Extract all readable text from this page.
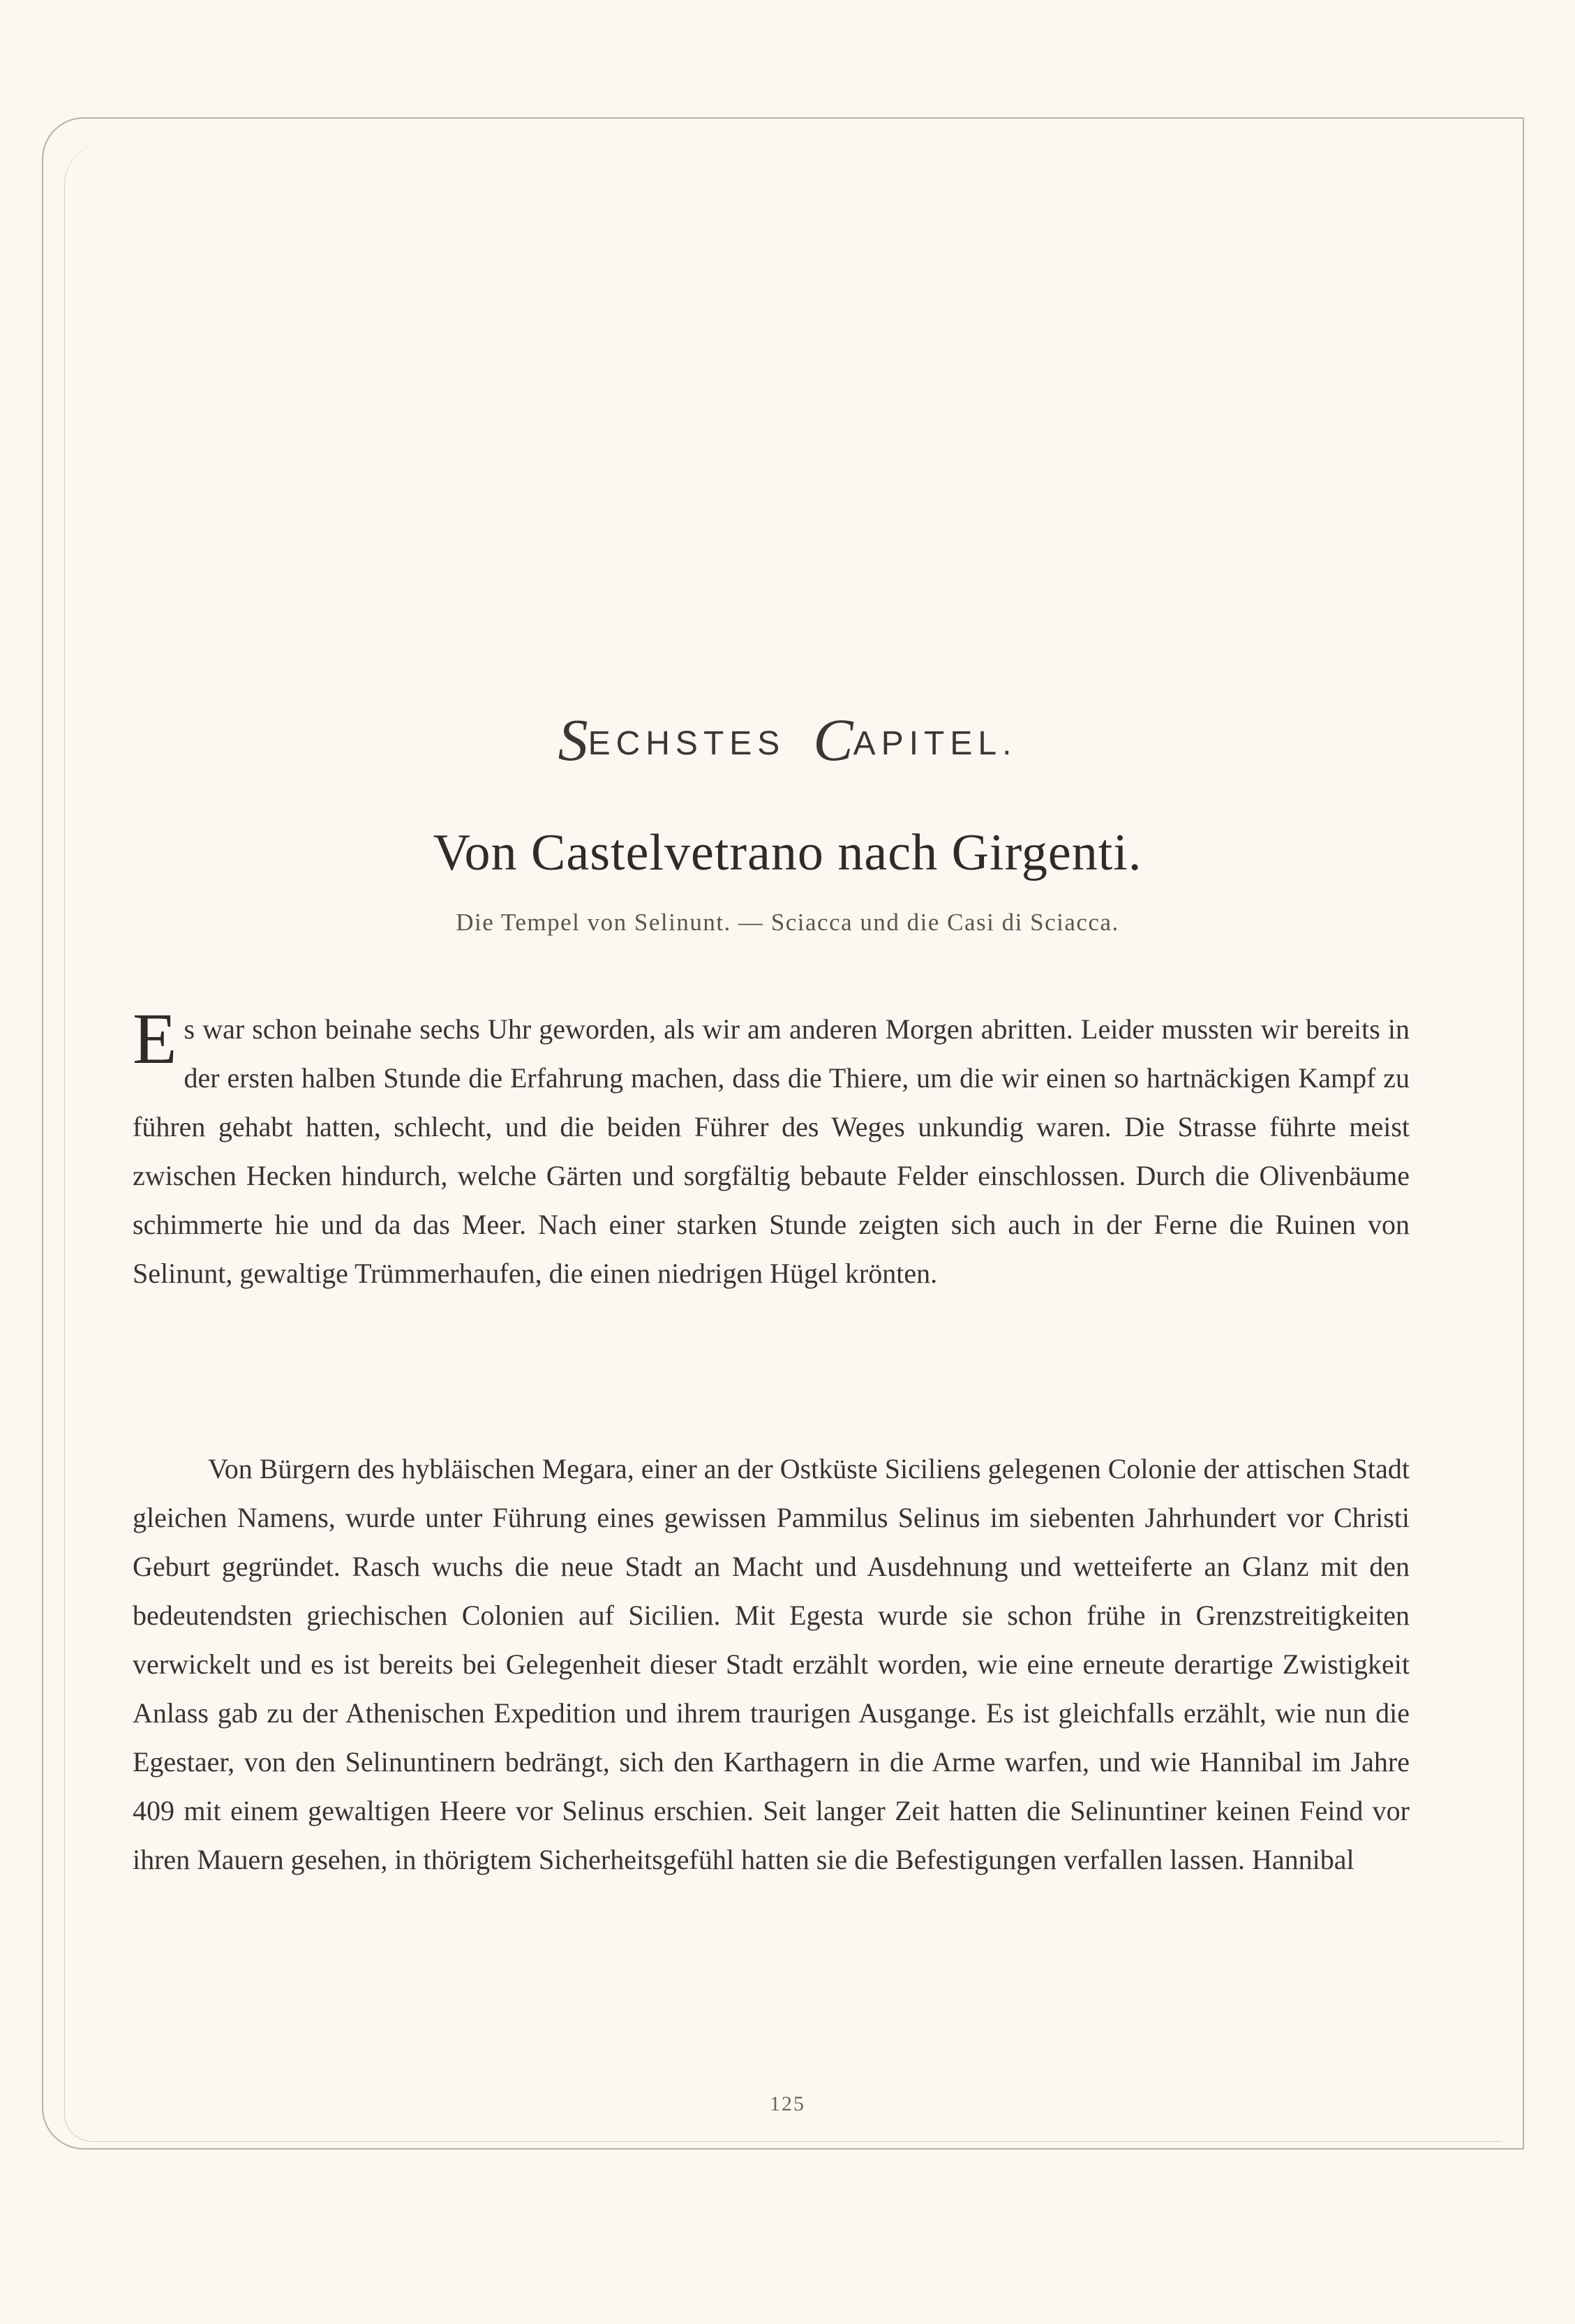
SECHSTES CAPITEL.
Von Castelvetrano nach Girgenti.
Die Tempel von Selinunt. — Sciacca und die Casi di Sciacca.
Es war schon beinahe sechs Uhr geworden, als wir am anderen Morgen abritten. Leider mussten wir bereits in der ersten halben Stunde die Erfahrung machen, dass die Thiere, um die wir einen so hartnäckigen Kampf zu führen gehabt hatten, schlecht, und die beiden Führer des Weges unkundig waren. Die Strasse führte meist zwischen Hecken hindurch, welche Gärten und sorgfältig bebaute Felder einschlossen. Durch die Olivenbäume schimmerte hie und da das Meer. Nach einer starken Stunde zeigten sich auch in der Ferne die Ruinen von Selinunt, gewaltige Trümmerhaufen, die einen niedrigen Hügel krönten.
Von Bürgern des hybläischen Megara, einer an der Ostküste Siciliens gelegenen Colonie der attischen Stadt gleichen Namens, wurde unter Führung eines gewissen Pammilus Selinus im siebenten Jahrhundert vor Christi Geburt gegründet. Rasch wuchs die neue Stadt an Macht und Ausdehnung und wetteiferte an Glanz mit den bedeutendsten griechischen Colonien auf Sicilien. Mit Egesta wurde sie schon frühe in Grenzstreitigkeiten verwickelt und es ist bereits bei Gelegenheit dieser Stadt erzählt worden, wie eine erneute derartige Zwistigkeit Anlass gab zu der Athenischen Expedition und ihrem traurigen Ausgange. Es ist gleichfalls erzählt, wie nun die Egestaer, von den Selinuntinern bedrängt, sich den Karthagern in die Arme warfen, und wie Hannibal im Jahre 409 mit einem gewaltigen Heere vor Selinus erschien. Seit langer Zeit hatten die Selinuntiner keinen Feind vor ihren Mauern gesehen, in thörigtem Sicherheitsgefühl hatten sie die Befestigungen verfallen lassen. Hannibal
125
